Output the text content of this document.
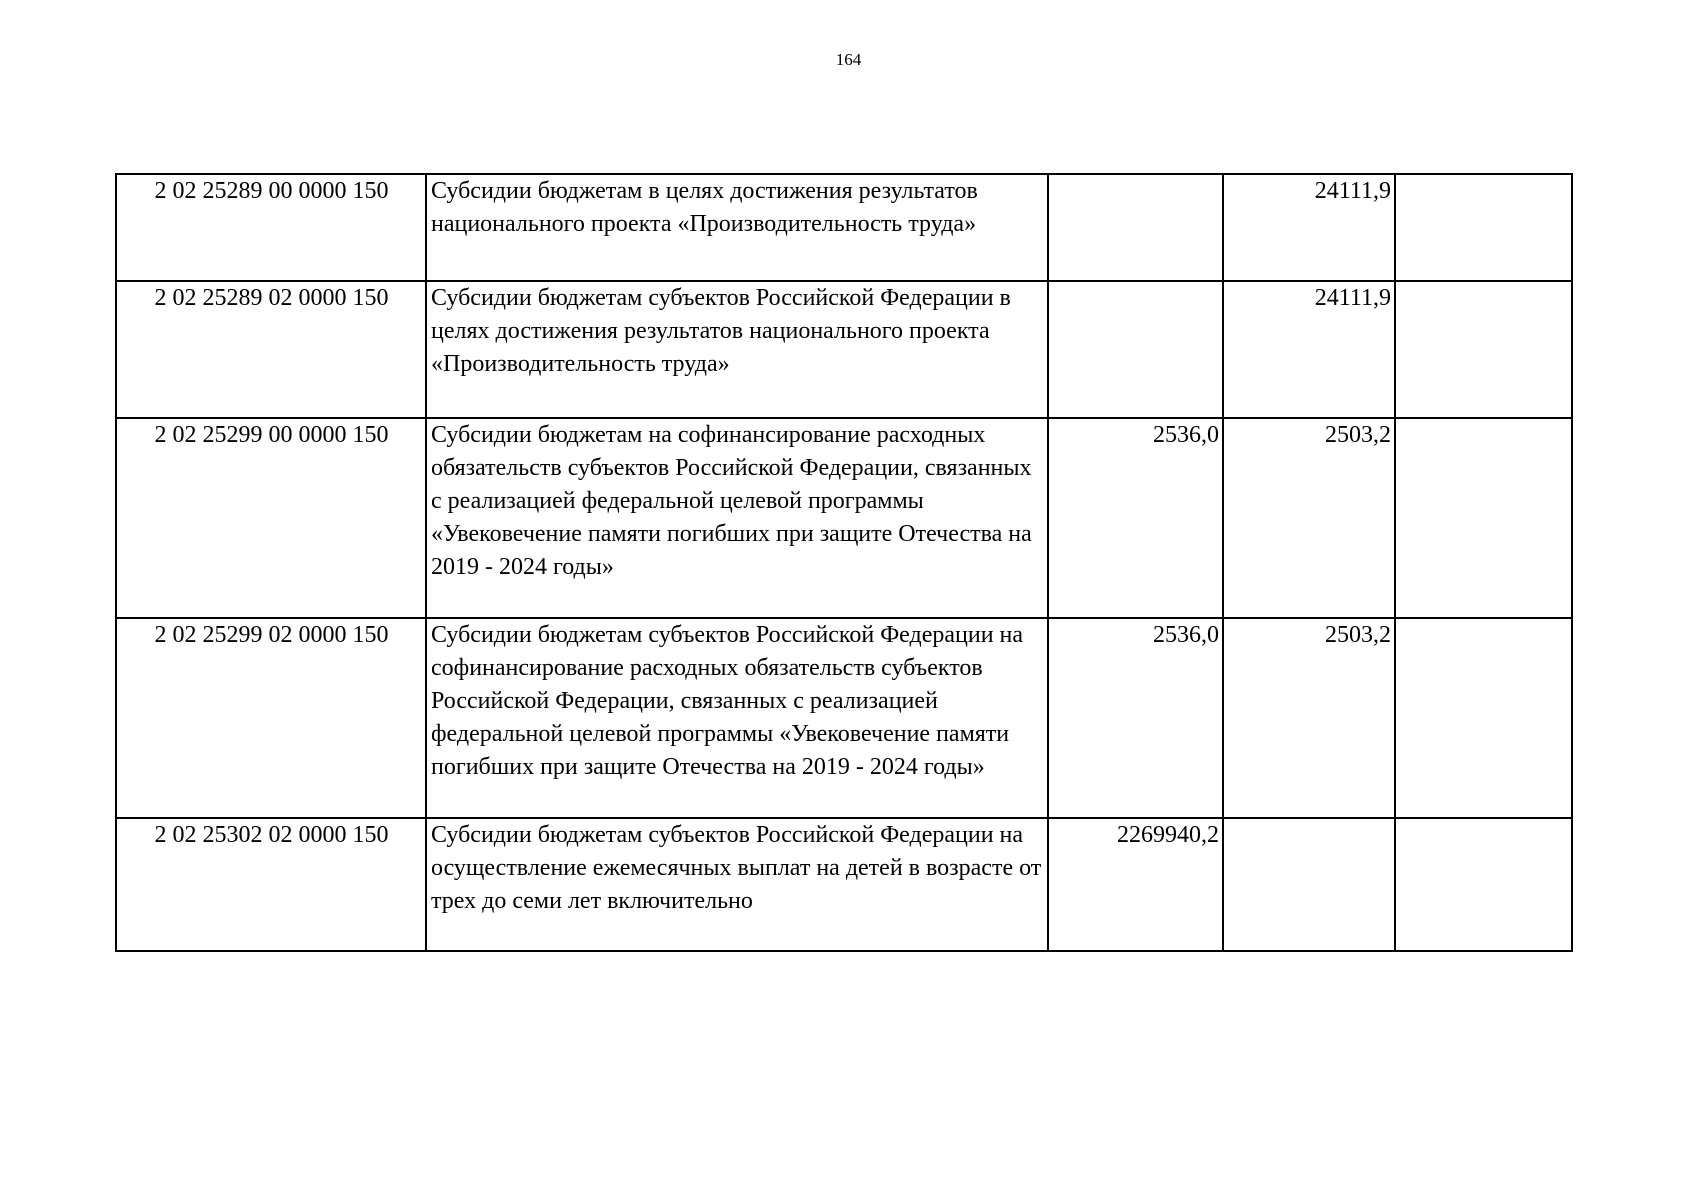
164
2 02 25289 00 0000 150	Субсидии бюджетам в целях достижения результатов национального проекта «Производительность труда»		24111,9	
2 02 25289 02 0000 150	Субсидии бюджетам субъектов Российской Федерации в целях достижения результатов национального проекта «Производительность труда»		24111,9	
2 02 25299 00 0000 150	Субсидии бюджетам на софинансирование расходных обязательств субъектов Российской Федерации, связанных с реализацией федеральной целевой программы «Увековечение памяти погибших при защите Отечества на 2019 - 2024 годы»	2536,0	2503,2	
2 02 25299 02 0000 150	Субсидии бюджетам субъектов Российской Федерации на софинансирование расходных обязательств субъектов Российской Федерации, связанных с реализацией федеральной целевой программы «Увековечение памяти погибших при защите Отечества на 2019 - 2024 годы»	2536,0	2503,2	
2 02 25302 02 0000 150	Субсидии бюджетам субъектов Российской Федерации на осуществление ежемесячных выплат на детей в возрасте от трех до семи лет включительно	2269940,2		
